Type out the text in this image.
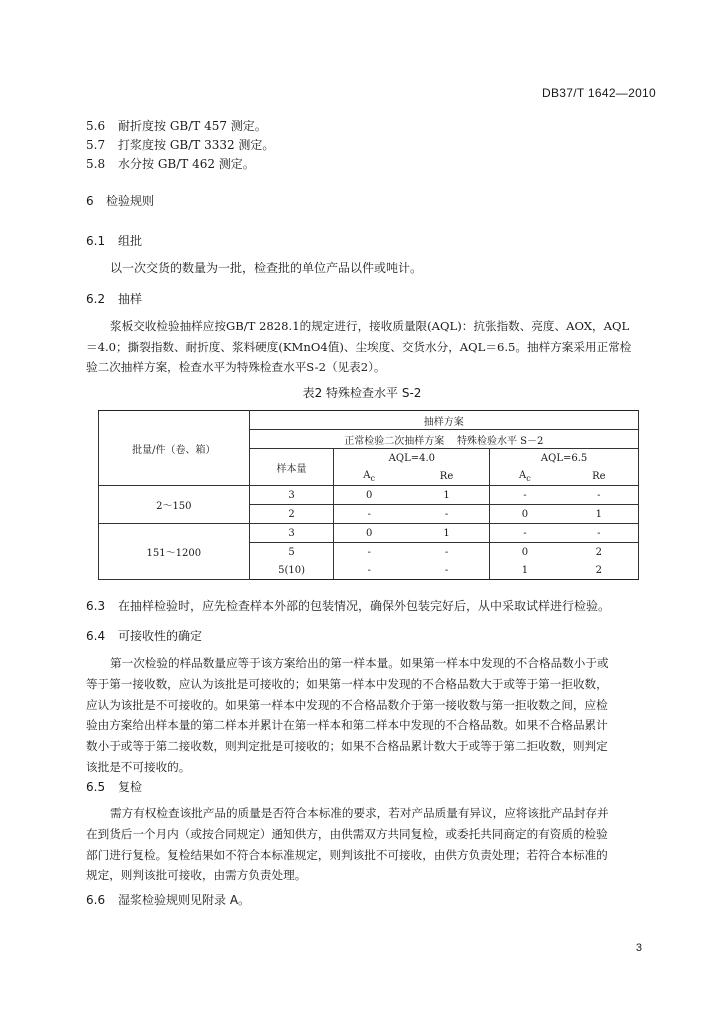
DB37/T 1642—2010
5.6 耐折度按 GB/T 457 测定。
5.7 打浆度按 GB/T 3332 测定。
5.8 水分按 GB/T 462 测定。
6 检验规则
6.1 组批
以一次交货的数量为一批，检查批的单位产品以件或吨计。
6.2 抽样
浆板交收检验抽样应按GB/T 2828.1的规定进行，接收质量限(AQL)：抗张指数、亮度、AOX，AQL
＝4.0；撕裂指数、耐折度、浆料硬度(KMnO4值)、尘埃度、交货水分，AQL＝6.5。抽样方案采用正常检
验二次抽样方案，检查水平为特殊检查水平S-2（见表2）。
表2 特殊检查水平 S-2
批量/件（卷、箱）	抽样方案				
	正常检验二次抽样方案    特殊检验水平 S－2				
	样本量	AQL=4.0		AQL=6.5	
		$A_c$	Re	$A_c$	Re
2～150	3	0	1	-	-
	2	-	-	0	1
151～1200	3	0	1	-	-
	5	-	-	0	2
	5(10)	-	-	1	2
6.3 在抽样检验时，应先检查样本外部的包装情况，确保外包装完好后，从中采取试样进行检验。
6.4 可接收性的确定
第一次检验的样品数量应等于该方案给出的第一样本量。如果第一样本中发现的不合格品数小于或
等于第一接收数，应认为该批是可接收的；如果第一样本中发现的不合格品数大于或等于第一拒收数，
应认为该批是不可接收的。如果第一样本中发现的不合格品数介于第一接收数与第一拒收数之间，应检
验由方案给出样本量的第二样本并累计在第一样本和第二样本中发现的不合格品数。如果不合格品累计
数小于或等于第二接收数，则判定批是可接收的；如果不合格品累计数大于或等于第二拒收数，则判定
该批是不可接收的。
6.5 复检
需方有权检查该批产品的质量是否符合本标准的要求，若对产品质量有异议，应将该批产品封存并
在到货后一个月内（或按合同规定）通知供方，由供需双方共同复检，或委托共同商定的有资质的检验
部门进行复检。复检结果如不符合本标准规定，则判该批不可接收，由供方负责处理；若符合本标准的
规定，则判该批可接收，由需方负责处理。
6.6 湿浆检验规则见附录 A。
3
